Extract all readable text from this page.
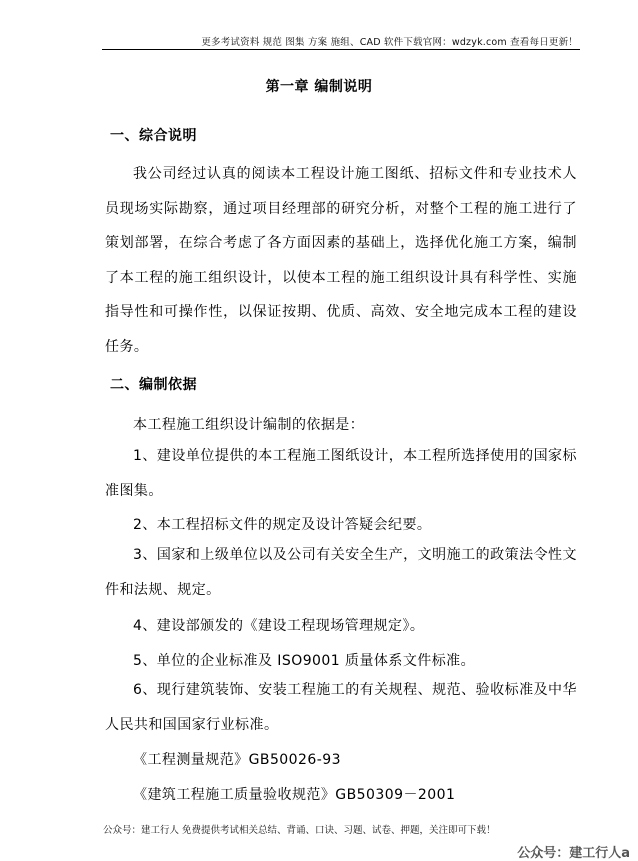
更多考试资料 规范 图集 方案 施组、CAD 软件下载官网：wdzyk.com 查看每日更新！
第一章 编制说明
一、综合说明
我公司经过认真的阅读本工程设计施工图纸、招标文件和专业技术人员现场实际勘察，通过项目经理部的研究分析，对整个工程的施工进行了策划部署，在综合考虑了各方面因素的基础上，选择优化施工方案，编制了本工程的施工组织设计，以使本工程的施工组织设计具有科学性、实施指导性和可操作性，以保证按期、优质、高效、安全地完成本工程的建设任务。
二、编制依据
本工程施工组织设计编制的依据是：
1、建设单位提供的本工程施工图纸设计，本工程所选择使用的国家标准图集。
2、本工程招标文件的规定及设计答疑会纪要。
3、国家和上级单位以及公司有关安全生产，文明施工的政策法令性文件和法规、规定。
4、建设部颁发的《建设工程现场管理规定》。
5、单位的企业标准及 ISO9001 质量体系文件标准。
6、现行建筑装饰、安装工程施工的有关规程、规范、验收标准及中华人民共和国国家行业标准。
《工程测量规范》GB50026-93
《建筑工程施工质量验收规范》GB50309－2001
公众号：建工行人 免费提供考试相关总结、背诵、口诀、习题、试卷、押题，关注即可下载！
公众号：建工行人a
